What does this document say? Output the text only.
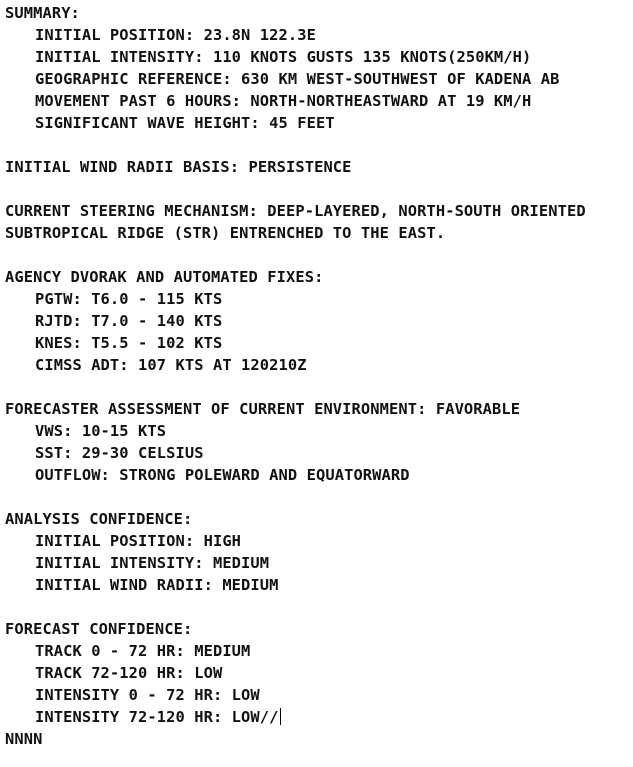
SUMMARY:
INITIAL POSITION: 23.8N 122.3E
INITIAL INTENSITY: 110 KNOTS GUSTS 135 KNOTS(250KM/H)
GEOGRAPHIC REFERENCE: 630 KM WEST-SOUTHWEST OF KADENA AB
MOVEMENT PAST 6 HOURS: NORTH-NORTHEASTWARD AT 19 KM/H
SIGNIFICANT WAVE HEIGHT: 45 FEET
INITIAL WIND RADII BASIS: PERSISTENCE
CURRENT STEERING MECHANISM: DEEP-LAYERED, NORTH-SOUTH ORIENTED
SUBTROPICAL RIDGE (STR) ENTRENCHED TO THE EAST.
AGENCY DVORAK AND AUTOMATED FIXES:
PGTW: T6.0 - 115 KTS
RJTD: T7.0 - 140 KTS
KNES: T5.5 - 102 KTS
CIMSS ADT: 107 KTS AT 120210Z
FORECASTER ASSESSMENT OF CURRENT ENVIRONMENT: FAVORABLE
VWS: 10-15 KTS
SST: 29-30 CELSIUS
OUTFLOW: STRONG POLEWARD AND EQUATORWARD
ANALYSIS CONFIDENCE:
INITIAL POSITION: HIGH
INITIAL INTENSITY: MEDIUM
INITIAL WIND RADII: MEDIUM
FORECAST CONFIDENCE:
TRACK 0 - 72 HR: MEDIUM
TRACK 72-120 HR: LOW
INTENSITY 0 - 72 HR: LOW
INTENSITY 72-120 HR: LOW//
NNNN
